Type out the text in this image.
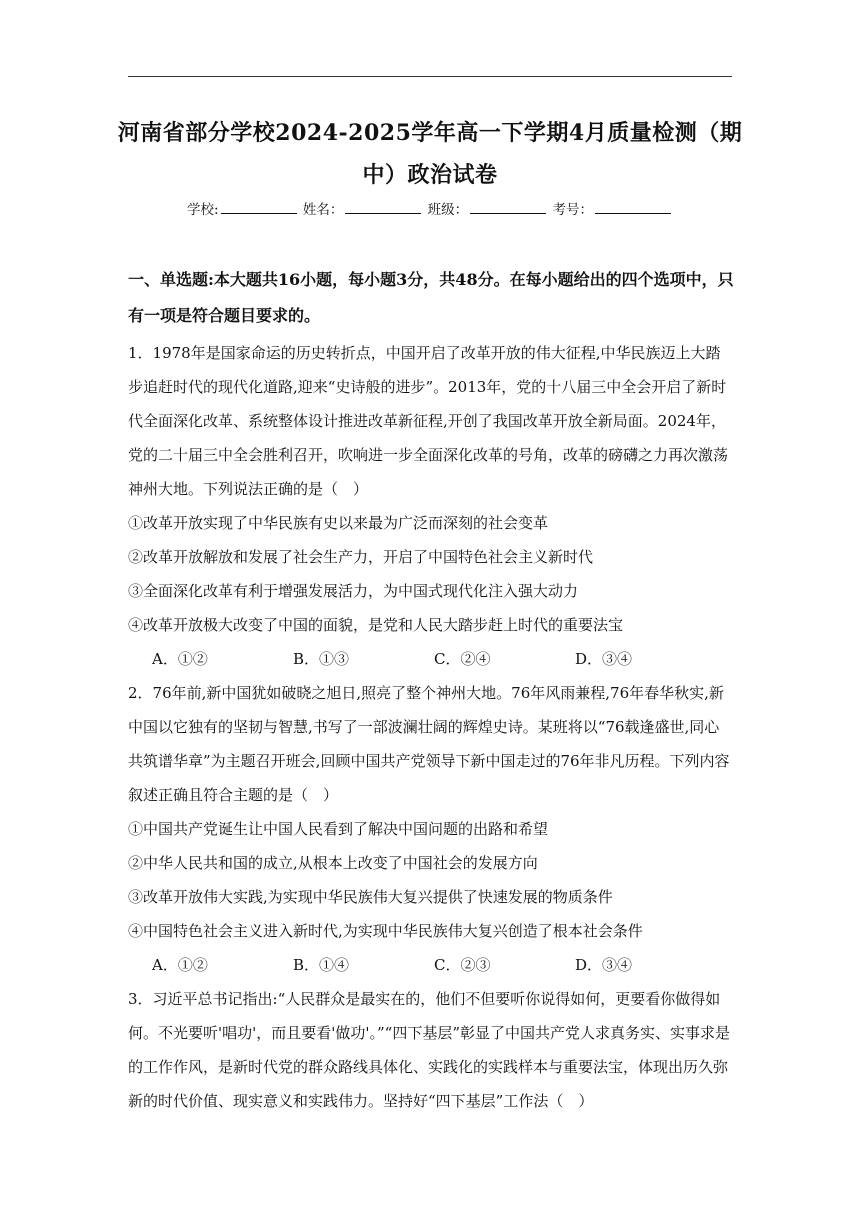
河南省部分学校2024-2025学年高一下学期4月质量检测（期
中）政治试卷
学校:	姓名：	班级：	考号：

一、单选题:本大题共16小题，每小题3分，共48分。在每小题给出的四个选项中，只有一项是符合题目要求的。

1．1978年是国家命运的历史转折点，中国开启了改革开放的伟大征程,中华民族迈上大踏步追赶时代的现代化道路,迎来“史诗般的进步”。2013年，党的十八届三中全会开启了新时代全面深化改革、系统整体设计推进改革新征程,开创了我国改革开放全新局面。2024年，党的二十届三中全会胜利召开，吹响进一步全面深化改革的号角，改革的磅礴之力再次激荡神州大地。下列说法正确的是（　）

①改革开放实现了中华民族有史以来最为广泛而深刻的社会变革

②改革开放解放和发展了社会生产力，开启了中国特色社会主义新时代

③全面深化改革有利于增强发展活力，为中国式现代化注入强大动力

④改革开放极大改变了中国的面貌，是党和人民大踏步赶上时代的重要法宝

A．①②	B．①③	C．②④	D．③④

2．76年前,新中国犹如破晓之旭日,照亮了整个神州大地。76年风雨兼程,76年春华秋实,新中国以它独有的坚韧与智慧,书写了一部波澜壮阔的辉煌史诗。某班将以“76载逢盛世,同心共筑谱华章”为主题召开班会,回顾中国共产党领导下新中国走过的76年非凡历程。下列内容叙述正确且符合主题的是（　）

①中国共产党诞生让中国人民看到了解决中国问题的出路和希望

②中华人民共和国的成立,从根本上改变了中国社会的发展方向

③改革开放伟大实践,为实现中华民族伟大复兴提供了快速发展的物质条件

④中国特色社会主义进入新时代,为实现中华民族伟大复兴创造了根本社会条件

A．①②	B．①④	C．②③	D．③④

3．习近平总书记指出:“人民群众是最实在的，他们不但要听你说得如何，更要看你做得如何。不光要听'唱功'，而且要看'做功'。”“四下基层”彰显了中国共产党人求真务实、实事求是的工作作风，是新时代党的群众路线具体化、实践化的实践样本与重要法宝，体现出历久弥新的时代价值、现实意义和实践伟力。坚持好“四下基层”工作法（　）
